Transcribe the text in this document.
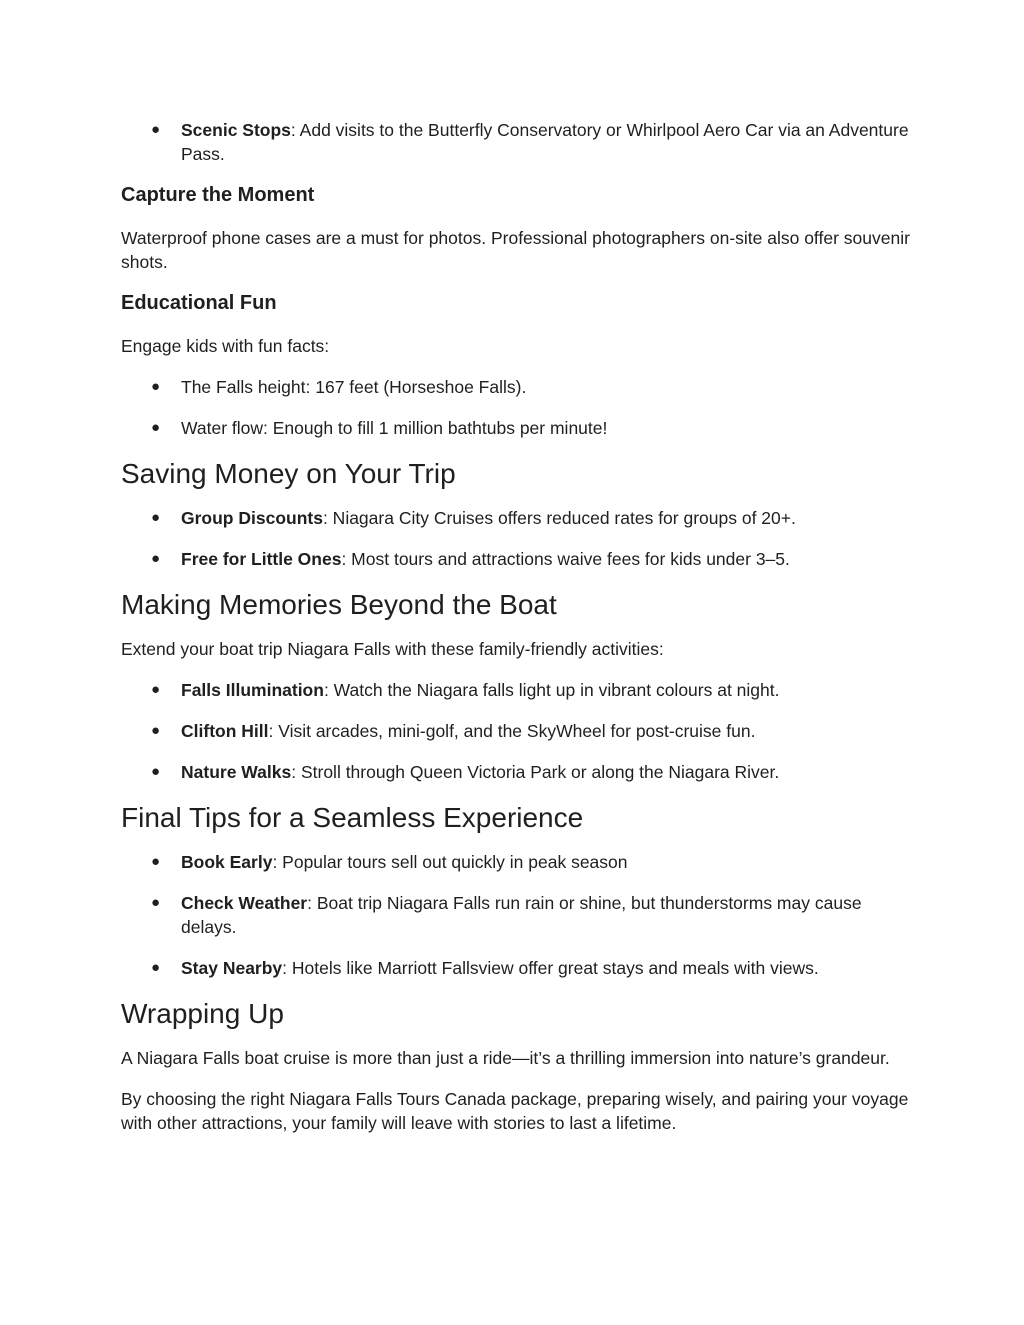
● Scenic Stops: Add visits to the Butterfly Conservatory or Whirlpool Aero Car via an Adventure Pass.
Capture the Moment

Waterproof phone cases are a must for photos. Professional photographers on-site also offer souvenir shots.

Educational Fun

Engage kids with fun facts:

● The Falls height: 167 feet (Horseshoe Falls).
● Water flow: Enough to fill 1 million bathtubs per minute!
Saving Money on Your Trip
● Group Discounts: Niagara City Cruises offers reduced rates for groups of 20+.
● Free for Little Ones: Most tours and attractions waive fees for kids under 3–5.
Making Memories Beyond the Boat

Extend your boat trip Niagara Falls with these family-friendly activities:

● Falls Illumination: Watch the Niagara falls light up in vibrant colours at night.
● Clifton Hill: Visit arcades, mini-golf, and the SkyWheel for post-cruise fun.
● Nature Walks: Stroll through Queen Victoria Park or along the Niagara River.
Final Tips for a Seamless Experience
● Book Early: Popular tours sell out quickly in peak season
● Check Weather: Boat trip Niagara Falls run rain or shine, but thunderstorms may cause delays.
● Stay Nearby: Hotels like Marriott Fallsview offer great stays and meals with views.
Wrapping Up

A Niagara Falls boat cruise is more than just a ride—it’s a thrilling immersion into nature’s grandeur.

By choosing the right Niagara Falls Tours Canada package, preparing wisely, and pairing your voyage with other attractions, your family will leave with stories to last a lifetime.
